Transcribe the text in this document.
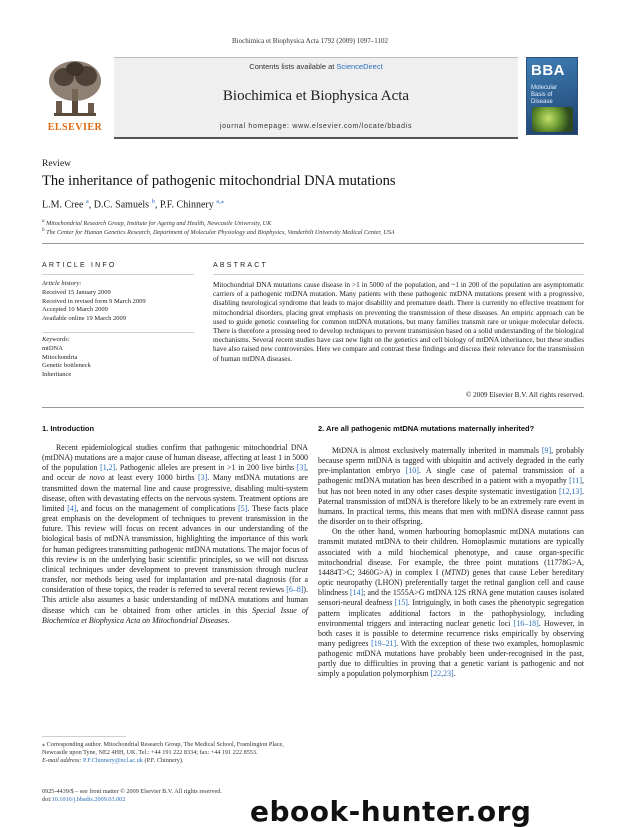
Biochimica et Biophysica Acta 1792 (2009) 1097–1102
ELSEVIER
Contents lists available at ScienceDirect
Biochimica et Biophysica Acta
journal homepage: www.elsevier.com/locate/bbadis
BBA
Molecular
Basis of
Disease
Review
The inheritance of pathogenic mitochondrial DNA mutations
L.M. Cree $^a$, D.C. Samuels $^b$, P.F. Chinnery $^{a,⁎}$
$^a$ Mitochondrial Research Group, Institute for Ageing and Health, Newcastle University, UK
$^b$ The Center for Human Genetics Research, Department of Molecular Physiology and Biophysics, Vanderbilt University Medical Center, USA
ARTICLE INFO	ABSTRACT
Article history:
Received 15 January 2009
Received in revised form 9 March 2009
Accepted 10 March 2009
Available online 19 March 2009
Keywords:
mtDNA
Mitochondria
Genetic bottleneck
Inheritance
Mitochondrial DNA mutations cause disease in >1 in 5000 of the population, and ~1 in 200 of the population are asymptomatic carriers of a pathogenic mtDNA mutation. Many patients with these pathogenic mtDNA mutations present with a progressive, disabling neurological syndrome that leads to major disability and premature death. There is currently no effective treatment for mitochondrial disorders, placing great emphasis on preventing the transmission of these diseases. An empiric approach can be used to guide genetic counseling for common mtDNA mutations, but many families transmit rare or unique molecular defects. There is therefore a pressing need to develop techniques to prevent transmission based on a solid understanding of the biological mechanisms. Several recent studies have cast new light on the genetics and cell biology of mtDNA inheritance, but these studies have also raised new controversies. Here we compare and contrast these findings and discuss their relevance for the transmission of human mtDNA diseases.
© 2009 Elsevier B.V. All rights reserved.
1. Introduction	2. Are all pathogenic mtDNA mutations maternally inherited?

Recent epidemiological studies confirm that pathogenic mitochondrial DNA (mtDNA) mutations are a major cause of human disease, affecting at least 1 in 5000 of the population [1,2]. Pathogenic alleles are present in >1 in 200 live births [3], and occur de novo at least every 1000 births [3]. Many mtDNA mutations are transmitted down the maternal line and cause progressive, disabling multi-system disease, often with devastating effects on the nervous system. Treatment options are limited [4], and focus on the management of complications [5]. These facts place great emphasis on the development of techniques to prevent transmission in the future. This review will focus on recent advances in our understanding of the biological basis of mtDNA transmission, highlighting the importance of this work for human pedigrees transmitting pathogenic mtDNA mutations. The major focus of this review is on the underlying basic scientific principles, so we will not discuss clinical techniques under development to prevent transmission through nuclear transfer, nor methods being used for implantation and pre-natal diagnosis (for a consideration of these topics, the reader is referred to several recent reviews [6–8]). This article also assumes a basic understanding of mtDNA mutations and human disease which can be obtained from other articles in this Special Issue of Biochemica et Biophysica Acta on Mitochondrial Diseases.

MtDNA is almost exclusively maternally inherited in mammals [9], probably because sperm mtDNA is tagged with ubiquitin and actively degraded in the early pre-implantation embryo [10]. A single case of paternal transmission of a pathogenic mtDNA mutation has been described in a patient with a myopathy [11], but has not been noted in any other cases despite systematic investigation [12,13]. Paternal transmission of mtDNA is therefore likely to be an extremely rare event in humans. In practical terms, this means that men with mtDNA disease cannot pass the disorder on to their offspring.

On the other hand, women harbouring homoplasmic mtDNA mutations can transmit mutated mtDNA to their children. Homoplasmic mutations are typically associated with a mild biochemical phenotype, and cause organ-specific mitochondrial disease. For example, the three point mutations (11778G>A, 14484T>C; 3460G>A) in complex I (MTND) genes that cause Leber hereditary optic neuropathy (LHON) preferentially target the retinal ganglion cell and cause blindness [14]; and the 1555A>G mtDNA 12S rRNA gene mutation causes isolated sensori-neural deafness [15]. Intriguingly, in both cases the phenotypic segregation pattern implicates additional factors in the pathophysiology, including environmental triggers and interacting nuclear genetic loci [16–18]. However, in both cases it is possible to determine recurrence risks empirically by observing many pedigrees [19–21]. With the exception of these two examples, homoplasmic pathogenic mtDNA mutations have probably been under-recognised in the past, partly due to difficulties in proving that a genetic variant is pathogenic and not simply a population polymorphism [22,23].

⁎ Corresponding author. Mitochondrial Research Group, The Medical School, Framlington Place, Newcastle upon Tyne, NE2 4HH, UK. Tel.: +44 191 222 8334; fax: +44 191 222 8553.
E-mail address: P.F.Chinnery@ncl.ac.uk (P.F. Chinnery).
0925-4439/$ – see front matter © 2009 Elsevier B.V. All rights reserved.
doi:10.1016/j.bbadis.2009.03.002	ebook-hunter.org
